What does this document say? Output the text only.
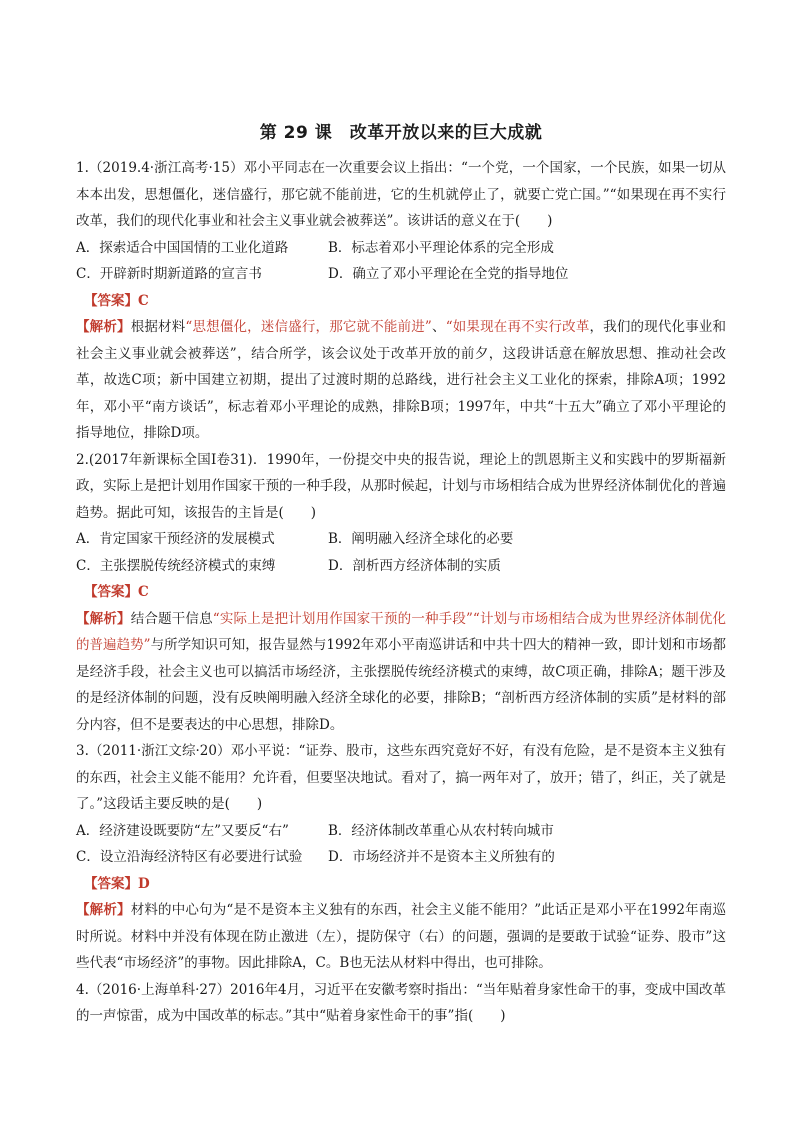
第 29 课　改革开放以来的巨大成就

1.（2019.4·浙江高考·15）邓小平同志在一次重要会议上指出：“一个党，一个国家，一个民族，如果一切从本本出发，思想僵化，迷信盛行，那它就不能前进，它的生机就停止了，就要亡党亡国。”“如果现在再不实行改革，我们的现代化事业和社会主义事业就会被葬送”。该讲话的意义在于(　　)

A．探索适合中国国情的工业化道路	B．标志着邓小平理论体系的完全形成
C．开辟新时期新道路的宣言书	D．确立了邓小平理论在全党的指导地位

【答案】C

【解析】根据材料“思想僵化，迷信盛行，那它就不能前进”、“如果现在再不实行改革，我们的现代化事业和社会主义事业就会被葬送”，结合所学，该会议处于改革开放的前夕，这段讲话意在解放思想、推动社会改革，故选C项；新中国建立初期，提出了过渡时期的总路线，进行社会主义工业化的探索，排除A项；1992年，邓小平“南方谈话”，标志着邓小平理论的成熟，排除B项；1997年，中共“十五大”确立了邓小平理论的指导地位，排除D项。

2.(2017年新课标全国Ⅰ卷31)．1990年，一份提交中央的报告说，理论上的凯恩斯主义和实践中的罗斯福新政，实际上是把计划用作国家干预的一种手段，从那时候起，计划与市场相结合成为世界经济体制优化的普遍趋势。据此可知，该报告的主旨是(　　)

A．肯定国家干预经济的发展模式	B．阐明融入经济全球化的必要
C．主张摆脱传统经济模式的束缚	D．剖析西方经济体制的实质

【答案】C

【解析】结合题干信息“实际上是把计划用作国家干预的一种手段”“计划与市场相结合成为世界经济体制优化的普遍趋势”与所学知识可知，报告显然与1992年邓小平南巡讲话和中共十四大的精神一致，即计划和市场都是经济手段，社会主义也可以搞活市场经济，主张摆脱传统经济模式的束缚，故C项正确，排除A；题干涉及的是经济体制的问题，没有反映阐明融入经济全球化的必要，排除B；“剖析西方经济体制的实质”是材料的部分内容，但不是要表达的中心思想，排除D。

3.（2011·浙江文综·20）邓小平说：“证券、股市，这些东西究竟好不好，有没有危险，是不是资本主义独有的东西，社会主义能不能用？允许看，但要坚决地试。看对了，搞一两年对了，放开；错了，纠正，关了就是了。”这段话主要反映的是(　　)

A．经济建设既要防“左”又要反“右”	B．经济体制改革重心从农村转向城市
C．设立沿海经济特区有必要进行试验	D．市场经济并不是资本主义所独有的

【答案】D

【解析】材料的中心句为“是不是资本主义独有的东西，社会主义能不能用？”此话正是邓小平在1992年南巡时所说。材料中并没有体现在防止激进（左），提防保守（右）的问题，强调的是要敢于试验“证券、股市”这些代表“市场经济”的事物。因此排除A，C。B也无法从材料中得出，也可排除。

4.（2016·上海单科·27）2016年4月，习近平在安徽考察时指出：“当年贴着身家性命干的事，变成中国改革的一声惊雷，成为中国改革的标志。”其中“贴着身家性命干的事”指(　　)
